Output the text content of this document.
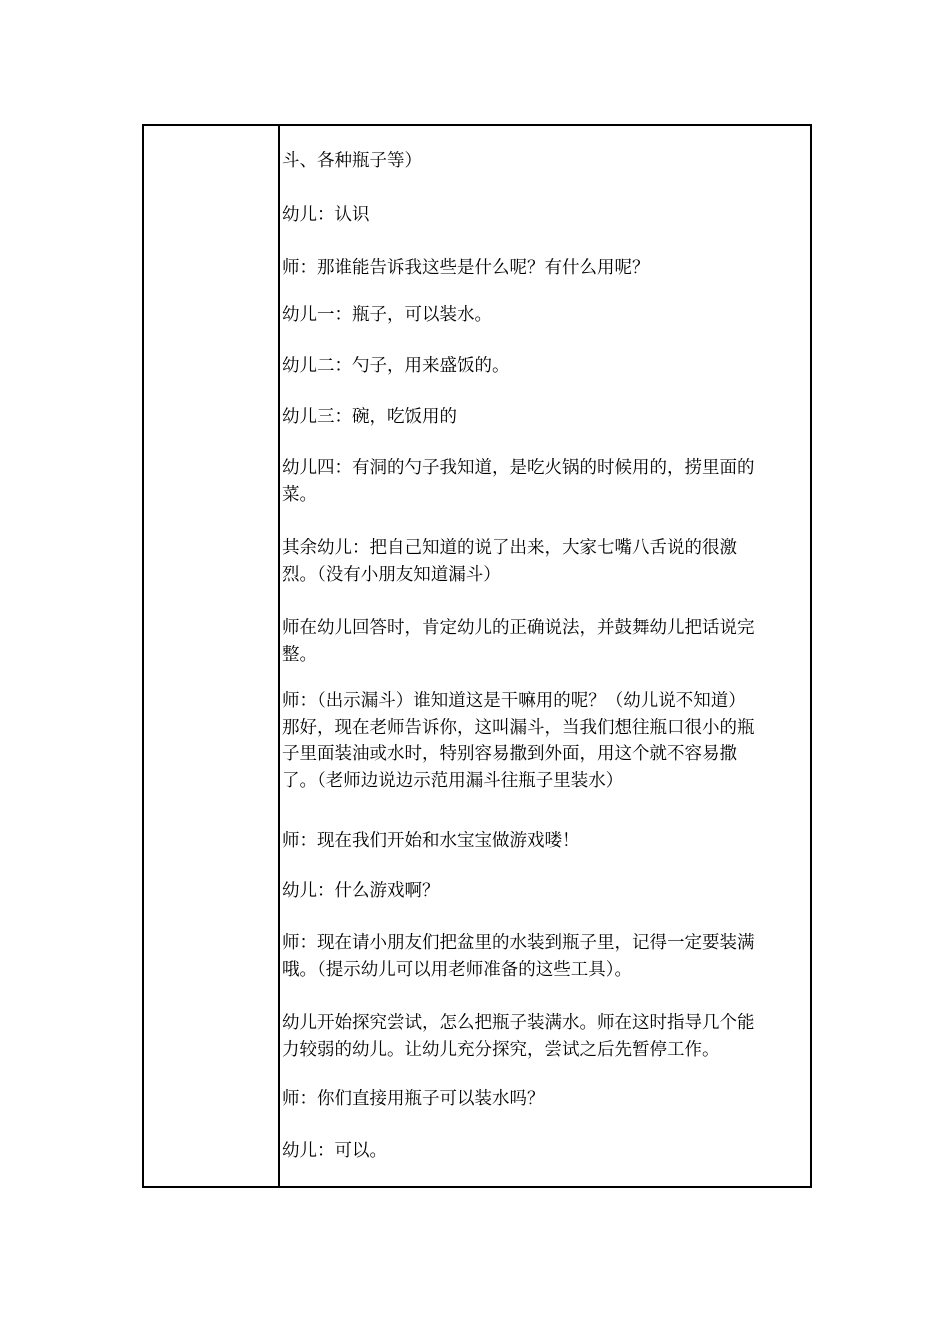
斗、各种瓶子等）

幼儿：认识

师：那谁能告诉我这些是什么呢？有什么用呢？

幼儿一：瓶子，可以装水。

幼儿二：勺子，用来盛饭的。

幼儿三：碗，吃饭用的

幼儿四：有洞的勺子我知道，是吃火锅的时候用的，捞里面的
菜。

其余幼儿：把自己知道的说了出来，大家七嘴八舌说的很激
烈。（没有小朋友知道漏斗）

师在幼儿回答时，肯定幼儿的正确说法，并鼓舞幼儿把话说完
整。

师：（出示漏斗）谁知道这是干嘛用的呢？（幼儿说不知道）
那好，现在老师告诉你，这叫漏斗，当我们想往瓶口很小的瓶
子里面装油或水时，特别容易撒到外面，用这个就不容易撒
了。（老师边说边示范用漏斗往瓶子里装水）

师：现在我们开始和水宝宝做游戏喽！

幼儿：什么游戏啊？

师：现在请小朋友们把盆里的水装到瓶子里，记得一定要装满
哦。（提示幼儿可以用老师准备的这些工具）。

幼儿开始探究尝试，怎么把瓶子装满水。师在这时指导几个能
力较弱的幼儿。让幼儿充分探究，尝试之后先暂停工作。

师：你们直接用瓶子可以装水吗？

幼儿：可以。
